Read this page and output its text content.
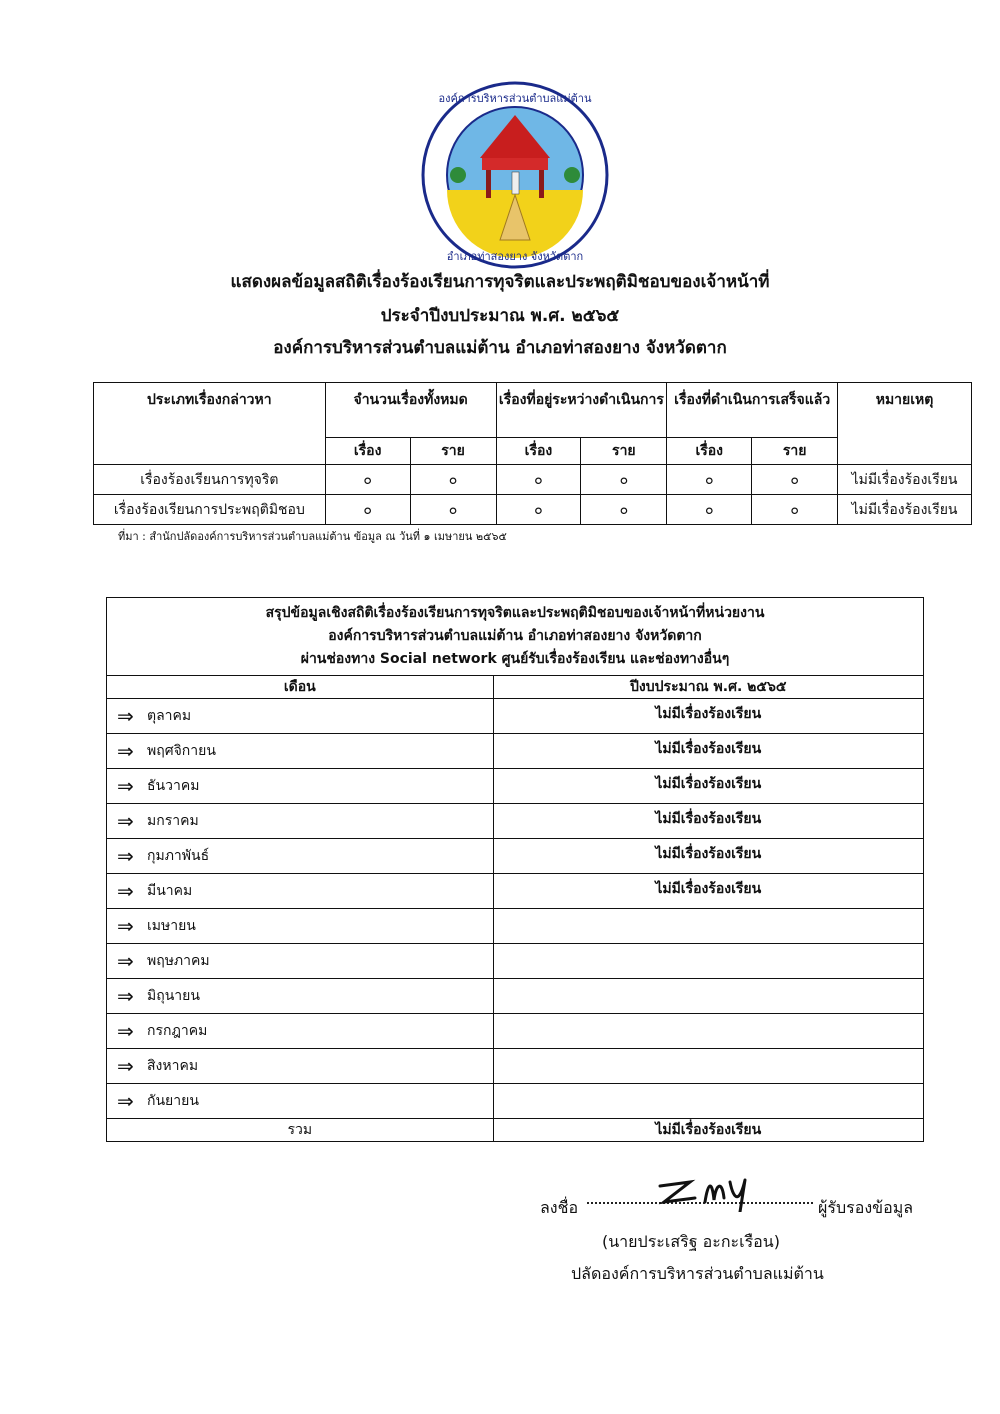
องค์การบริหารส่วนตำบลแม่ต้าน
อำเภอท่าสองยาง จังหวัดตาก
แสดงผลข้อมูลสถิติเรื่องร้องเรียนการทุจริตและประพฤติมิชอบของเจ้าหน้าที่
ประจำปีงบประมาณ พ.ศ. ๒๕๖๕
องค์การบริหารส่วนตำบลแม่ต้าน อำเภอท่าสองยาง จังหวัดตาก
ประเภทเรื่องกล่าวหา	จำนวนเรื่องทั้งหมด		เรื่องที่อยู่ระหว่างดำเนินการ		เรื่องที่ดำเนินการเสร็จแล้ว		หมายเหตุ
	เรื่อง	ราย	เรื่อง	ราย	เรื่อง	ราย	
เรื่องร้องเรียนการทุจริต	๐	๐	๐	๐	๐	๐	ไม่มีเรื่องร้องเรียน
เรื่องร้องเรียนการประพฤติมิชอบ	๐	๐	๐	๐	๐	๐	ไม่มีเรื่องร้องเรียน
ที่มา : สำนักปลัดองค์การบริหารส่วนตำบลแม่ต้าน ข้อมูล ณ วันที่ ๑ เมษายน ๒๕๖๕
สรุปข้อมูลเชิงสถิติเรื่องร้องเรียนการทุจริตและประพฤติมิชอบของเจ้าหน้าที่หน่วยงาน
องค์การบริหารส่วนตำบลแม่ต้าน อำเภอท่าสองยาง จังหวัดตาก
ผ่านช่องทาง Social network ศูนย์รับเรื่องร้องเรียน และช่องทางอื่นๆ	

เดือน	ปีงบประมาณ พ.ศ. ๒๕๖๕
⇒ ตุลาคม	ไม่มีเรื่องร้องเรียน
⇒ พฤศจิกายน	ไม่มีเรื่องร้องเรียน
⇒ ธันวาคม	ไม่มีเรื่องร้องเรียน
⇒ มกราคม	ไม่มีเรื่องร้องเรียน
⇒ กุมภาพันธ์	ไม่มีเรื่องร้องเรียน
⇒ มีนาคม	ไม่มีเรื่องร้องเรียน
⇒ เมษายน	
⇒ พฤษภาคม	
⇒ มิถุนายน	
⇒ กรกฎาคม	
⇒ สิงหาคม	
⇒ กันยายน	
รวม	ไม่มีเรื่องร้องเรียน
ลงชื่อ	ผู้รับรองข้อมูล
(นายประเสริฐ อะกะเรือน)
ปลัดองค์การบริหารส่วนตำบลแม่ต้าน
